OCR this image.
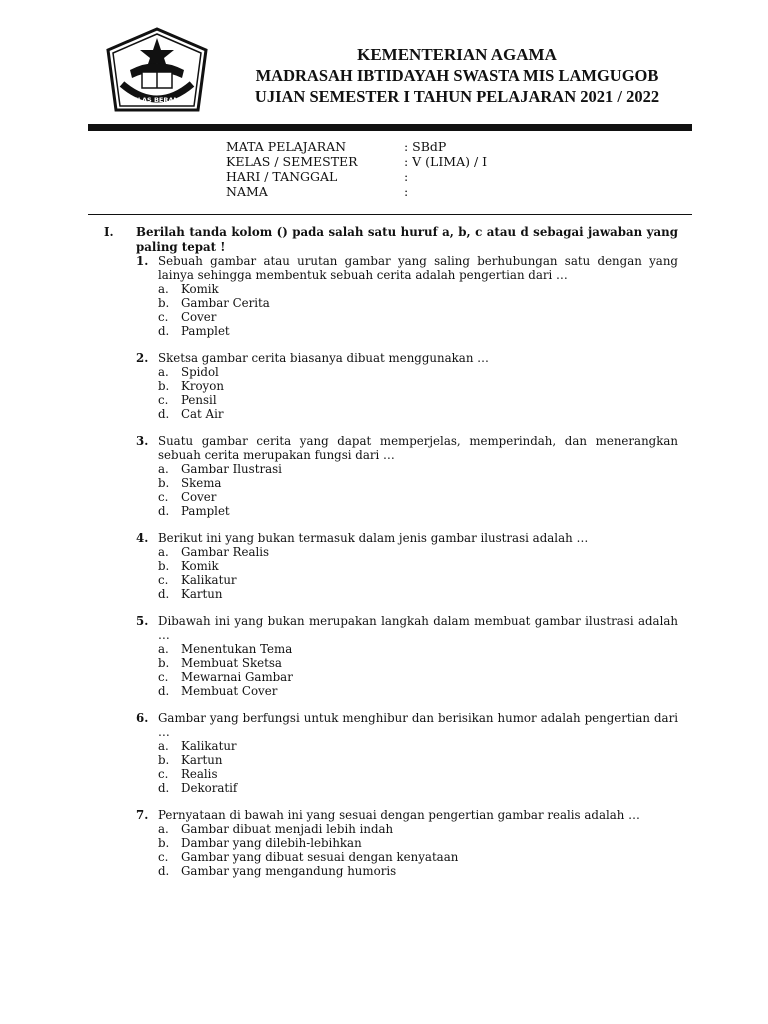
IKHLAS BERAMAL
KEMENTERIAN AGAMA
MADRASAH IBTIDAYAH SWASTA MIS LAMGUGOB
UJIAN SEMESTER I TAHUN PELAJARAN 2021 / 2022
MATA PELAJARAN	: SBdP
KELAS / SEMESTER	: V (LIMA) / I
HARI / TANGGAL	:
NAMA	:
I.	Berilah tanda kolom () pada salah satu huruf a, b, c atau d sebagai jawaban yang paling tepat !
1. Sebuah gambar atau urutan gambar yang saling berhubungan satu dengan yang lainya sehingga membentuk sebuah cerita adalah pengertian dari …
a.	Komik
b. Gambar Cerita
c.	Cover
d. Pamplet
2. Sketsa gambar cerita biasanya dibuat menggunakan …
a.	Spidol
b. Kroyon
c.	Pensil
d. Cat Air
3. Suatu gambar cerita yang dapat memperjelas, memperindah, dan menerangkan sebuah cerita merupakan fungsi dari …
a.	Gambar Ilustrasi
b. Skema
c.	Cover
d. Pamplet
4. Berikut ini yang bukan termasuk dalam jenis gambar ilustrasi adalah …
a.	Gambar Realis
b. Komik
c.	Kalikatur
d. Kartun
5. Dibawah ini yang bukan merupakan langkah dalam membuat gambar ilustrasi adalah …
a.	Menentukan Tema
b. Membuat Sketsa
c.	Mewarnai Gambar
d. Membuat Cover
6. Gambar yang berfungsi untuk menghibur dan berisikan humor adalah pengertian dari …
a.	Kalikatur
b. Kartun
c.	Realis
d. Dekoratif
7. Pernyataan di bawah ini yang sesuai dengan pengertian gambar realis adalah …
a.	Gambar dibuat menjadi lebih indah
b. Dambar yang dilebih-lebihkan
c.	Gambar yang dibuat sesuai dengan kenyataan
d. Gambar yang mengandung humoris
